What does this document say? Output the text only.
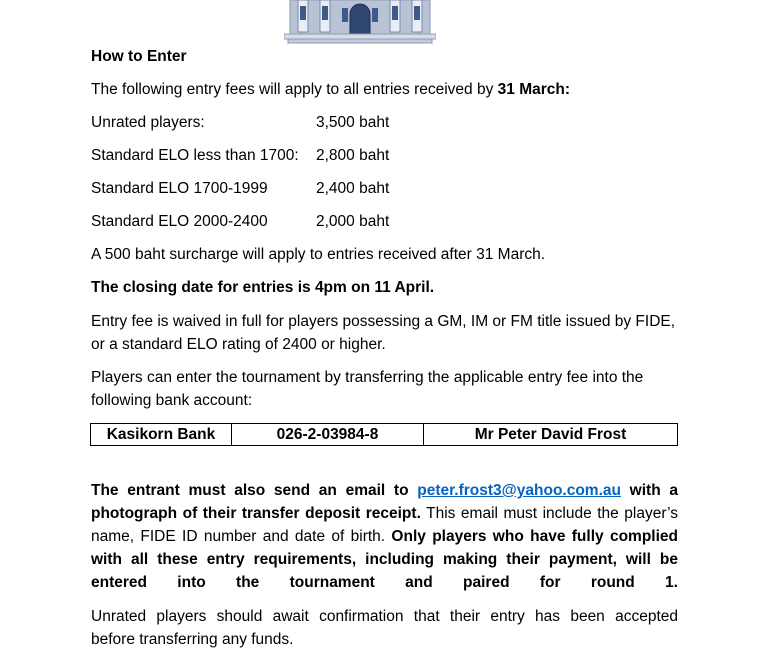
How to Enter
The following entry fees will apply to all entries received by 31 March:
Unrated players:	3,500 baht
Standard ELO less than 1700: 2,800 baht
Standard ELO 1700-1999	2,400 baht
Standard ELO 2000-2400	2,000 baht
A 500 baht surcharge will apply to entries received after 31 March.
The closing date for entries is 4pm on 11 April.
Entry fee is waived in full for players possessing a GM, IM or FM title issued by FIDE,
or a standard ELO rating of 2400 or higher.
Players can enter the tournament by transferring the applicable entry fee into the
following bank account:
Kasikorn Bank	026-2-03984-8	Mr Peter David Frost
The entrant must also send an email to peter.frost3@yahoo.com.au with a photograph of their transfer deposit receipt. This email must include the player’s name, FIDE ID number and date of birth. Only players who have fully complied with all these entry requirements, including making their payment, will be entered into the tournament and paired for round 1.
Unrated players should await confirmation that their entry has been accepted
before transferring any funds.
